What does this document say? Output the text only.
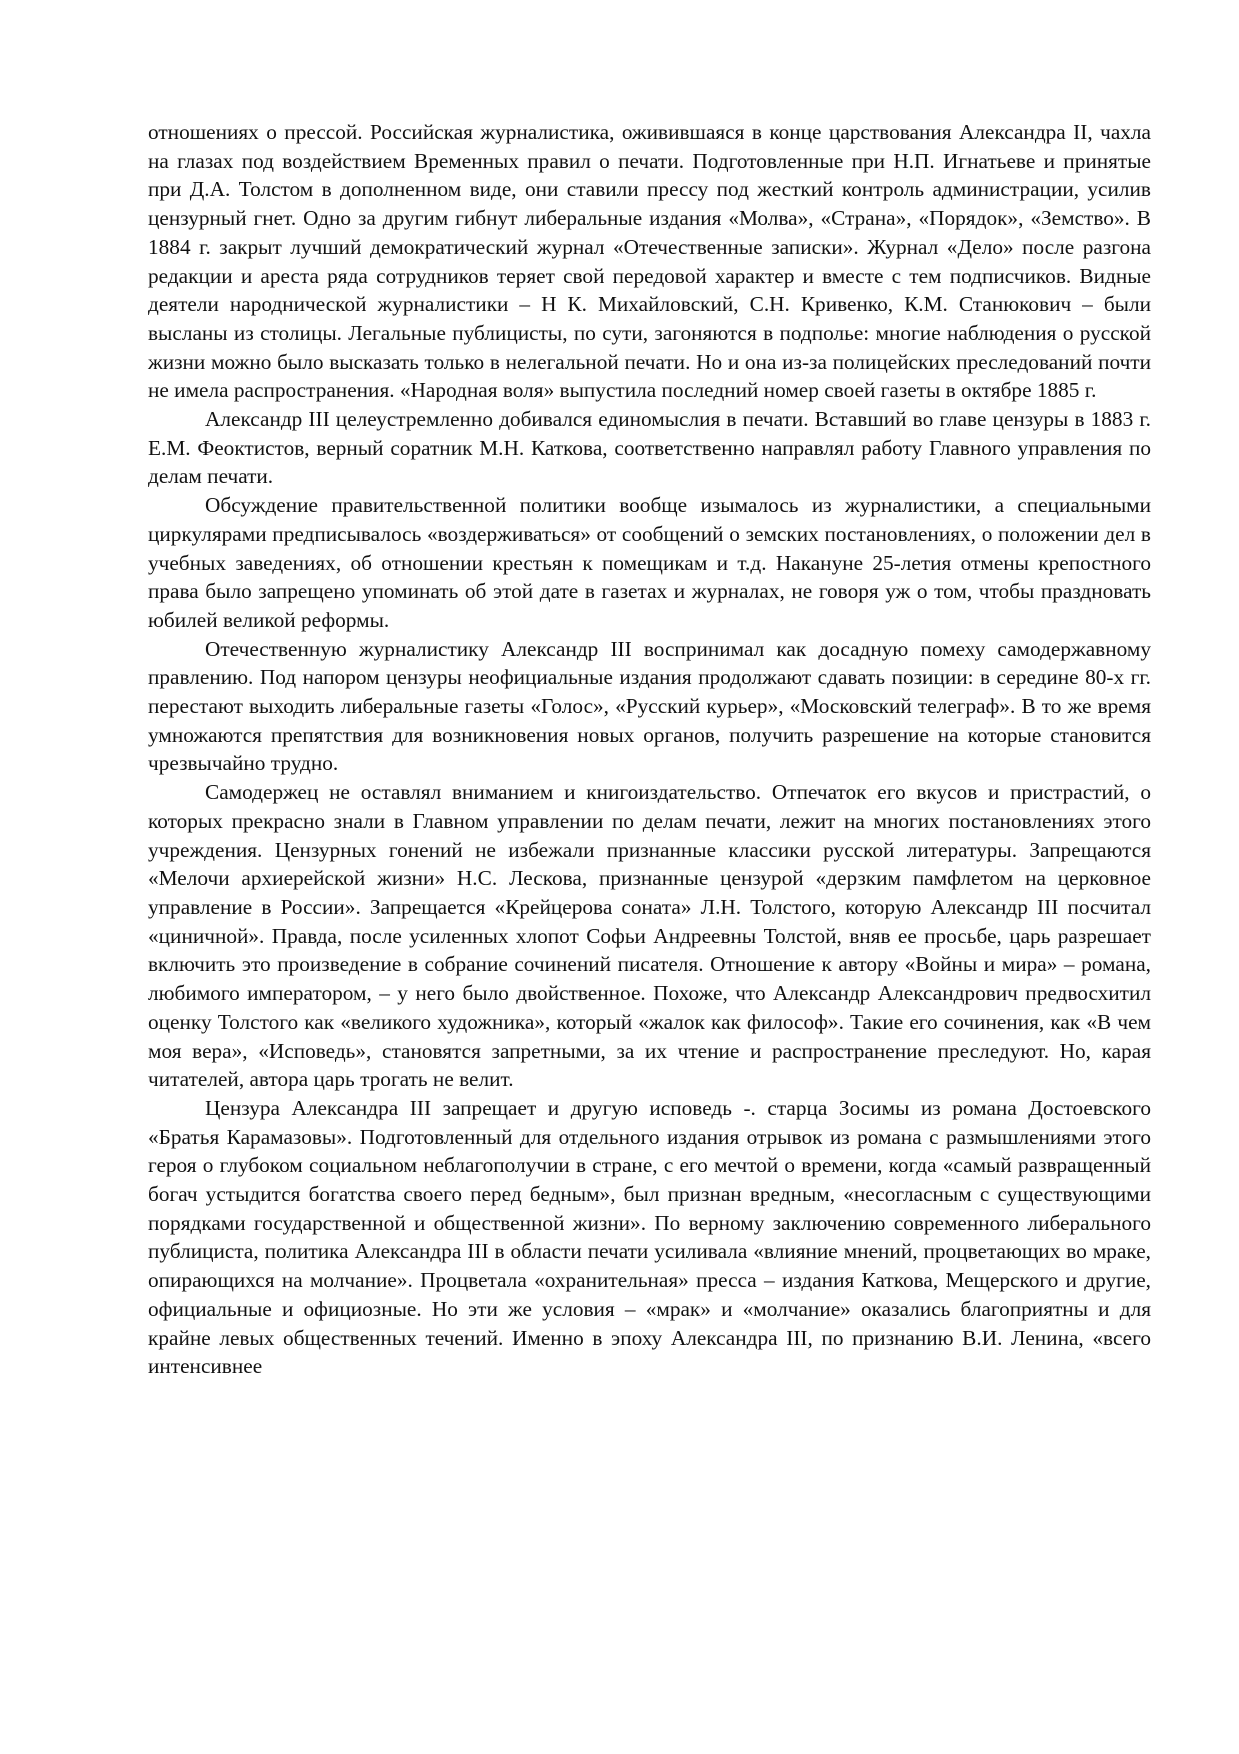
отношениях о прессой. Российская журналистика, оживившаяся в конце царствования Александра II, чахла на глазах под воздействием Временных правил о печати. Подготовленные при Н.П. Игнатьеве и принятые при Д.А. Толстом в дополненном виде, они ставили прессу под жесткий контроль администрации, усилив цензурный гнет. Одно за другим гибнут либеральные издания «Молва», «Страна», «Порядок», «Земство». В 1884 г. закрыт лучший демократический журнал «Отечественные записки». Журнал «Дело» после разгона редакции и ареста ряда сотрудников теряет свой передовой характер и вместе с тем подписчиков. Видные деятели народнической журналистики – Н К. Михайловский, С.Н. Кривенко, К.М. Станюкович – были высланы из столицы. Легальные публицисты, по сути, загоняются в подполье: многие наблюдения о русской жизни можно было высказать только в нелегальной печати. Но и она из-за полицейских преследований почти не имела распространения. «Народная воля» выпустила последний номер своей газеты в октябре 1885 г.

Александр III целеустремленно добивался единомыслия в печати. Вставший во главе цензуры в 1883 г. Е.М. Феоктистов, верный соратник М.Н. Каткова, соответственно направлял работу Главного управления по делам печати.

Обсуждение правительственной политики вообще изымалось из журналистики, а специальными циркулярами предписывалось «воздерживаться» от сообщений о земских постановлениях, о положении дел в учебных заведениях, об отношении крестьян к помещикам и т.д. Накануне 25-летия отмены крепостного права было запрещено упоминать об этой дате в газетах и журналах, не говоря уж о том, чтобы праздновать юбилей великой реформы.

Отечественную журналистику Александр III воспринимал как досадную помеху самодержавному правлению. Под напором цензуры неофициальные издания продолжают сдавать позиции: в середине 80-х гг. перестают выходить либеральные газеты «Голос», «Русский курьер», «Московский телеграф». В то же время умножаются препятствия для возникновения новых органов, получить разрешение на которые становится чрезвычайно трудно.

Самодержец не оставлял вниманием и книгоиздательство. Отпечаток его вкусов и пристрастий, о которых прекрасно знали в Главном управлении по делам печати, лежит на многих постановлениях этого учреждения. Цензурных гонений не избежали признанные классики русской литературы. Запрещаются «Мелочи архиерейской жизни» Н.С. Лескова, признанные цензурой «дерзким памфлетом на церковное управление в России». Запрещается «Крейцерова соната» Л.Н. Толстого, которую Александр III посчитал «циничной». Правда, после усиленных хлопот Софьи Андреевны Толстой, вняв ее просьбе, царь разрешает включить это произведение в собрание сочинений писателя. Отношение к автору «Войны и мира» – романа, любимого императором, – у него было двойственное. Похоже, что Александр Александрович предвосхитил оценку Толстого как «великого художника», который «жалок как философ». Такие его сочинения, как «В чем моя вера», «Исповедь», становятся запретными, за их чтение и распространение преследуют. Но, карая читателей, автора царь трогать не велит.

Цензура Александра III запрещает и другую исповедь -. старца Зосимы из романа Достоевского «Братья Карамазовы». Подготовленный для отдельного издания отрывок из романа с размышлениями этого героя о глубоком социальном неблагополучии в стране, с его мечтой о времени, когда «самый развращенный богач устыдится богатства своего перед бедным», был признан вредным, «несогласным с существующими порядками государственной и общественной жизни». По верному заключению современного либерального публициста, политика Александра III в области печати усиливала «влияние мнений, процветающих во мраке, опирающихся на молчание». Процветала «охранительная» пресса – издания Каткова, Мещерского и другие, официальные и официозные. Но эти же условия – «мрак» и «молчание» оказались благоприятны и для крайне левых общественных течений. Именно в эпоху Александра III, по признанию В.И. Ленина, «всего интенсивнее
